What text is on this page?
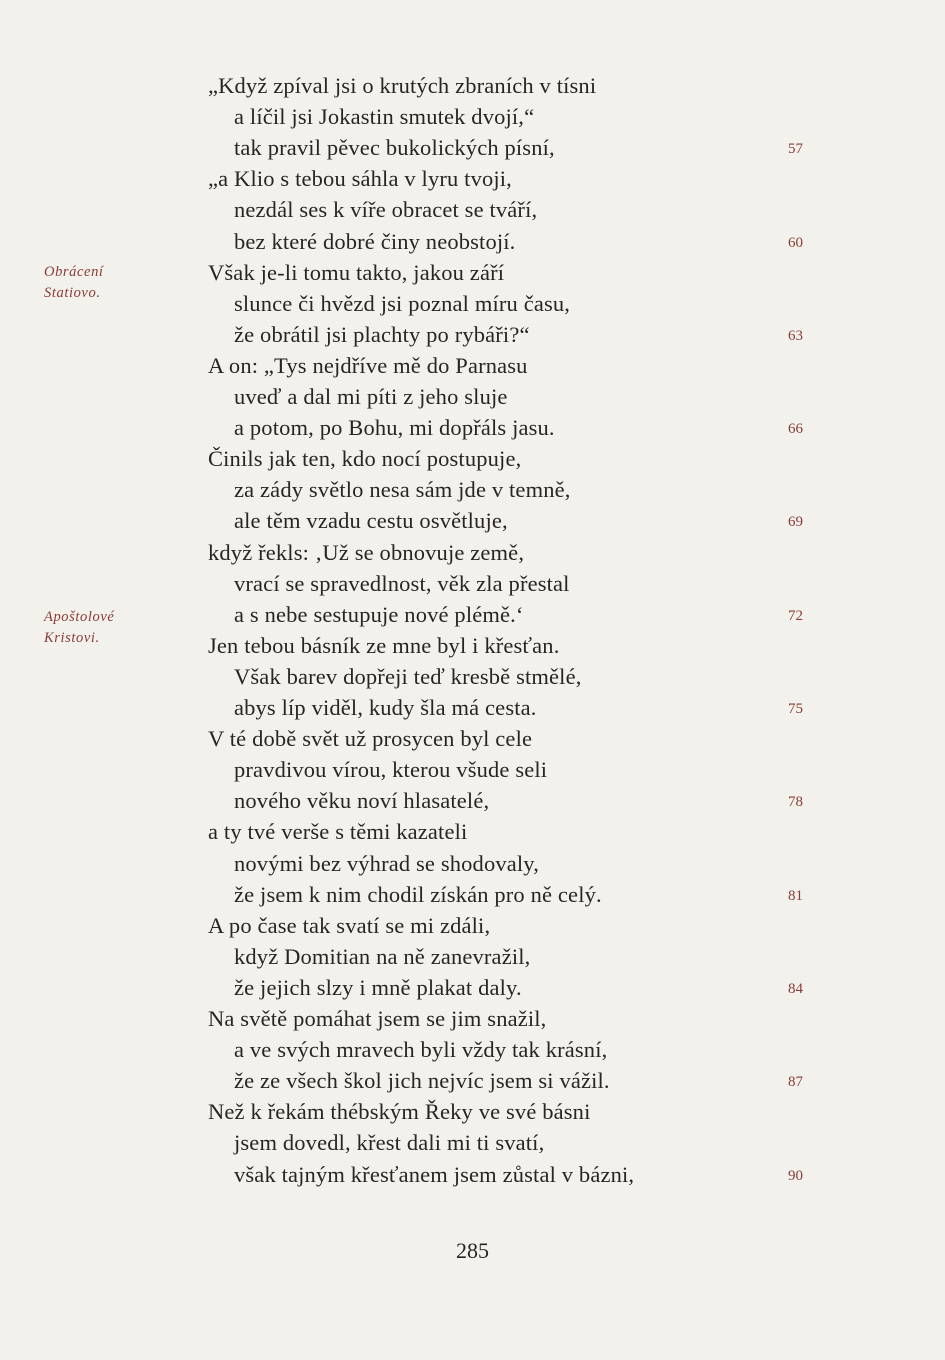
„Když zpíval jsi o krutých zbraních v tísni
a líčil jsi Jokastin smutek dvojí,“
tak pravil pěvec bukolických písní,	57
„a Klio s tebou sáhla v lyru tvoji,
nezdál ses k víře obracet se tváří,
bez které dobré činy neobstojí.	60
Však je-li tomu takto, jakou září
slunce či hvězd jsi poznal míru času,
že obrátil jsi plachty po rybáři?“	63
A on: „Tys nejdříve mě do Parnasu
uveď a dal mi píti z jeho sluje
a potom, po Bohu, mi dopřáls jasu.	66
Činils jak ten, kdo nocí postupuje,
za zády světlo nesa sám jde v temně,
ale těm vzadu cestu osvětluje,	69
když řekls: ‚Už se obnovuje země,
vrací se spravedlnost, věk zla přestal
a s nebe sestupuje nové plémě.‘	72
Jen tebou básník ze mne byl i křesťan.
Však barev dopřeji teď kresbě stmělé,
abys líp viděl, kudy šla má cesta.	75
V té době svět už prosycen byl cele
pravdivou vírou, kterou všude seli
nového věku noví hlasatelé,	78
a ty tvé verše s těmi kazateli
novými bez výhrad se shodovaly,
že jsem k nim chodil získán pro ně celý.	81
A po čase tak svatí se mi zdáli,
když Domitian na ně zanevražil,
že jejich slzy i mně plakat daly.	84
Na světě pomáhat jsem se jim snažil,
a ve svých mravech byli vždy tak krásní,
že ze všech škol jich nejvíc jsem si vážil.	87
Než k řekám thébským Řeky ve své básni
jsem dovedl, křest dali mi ti svatí,
však tajným křesťanem jsem zůstal v bázni,	90
Obrácení
Statiovo.
Apoštolové
Kristovi.
285
